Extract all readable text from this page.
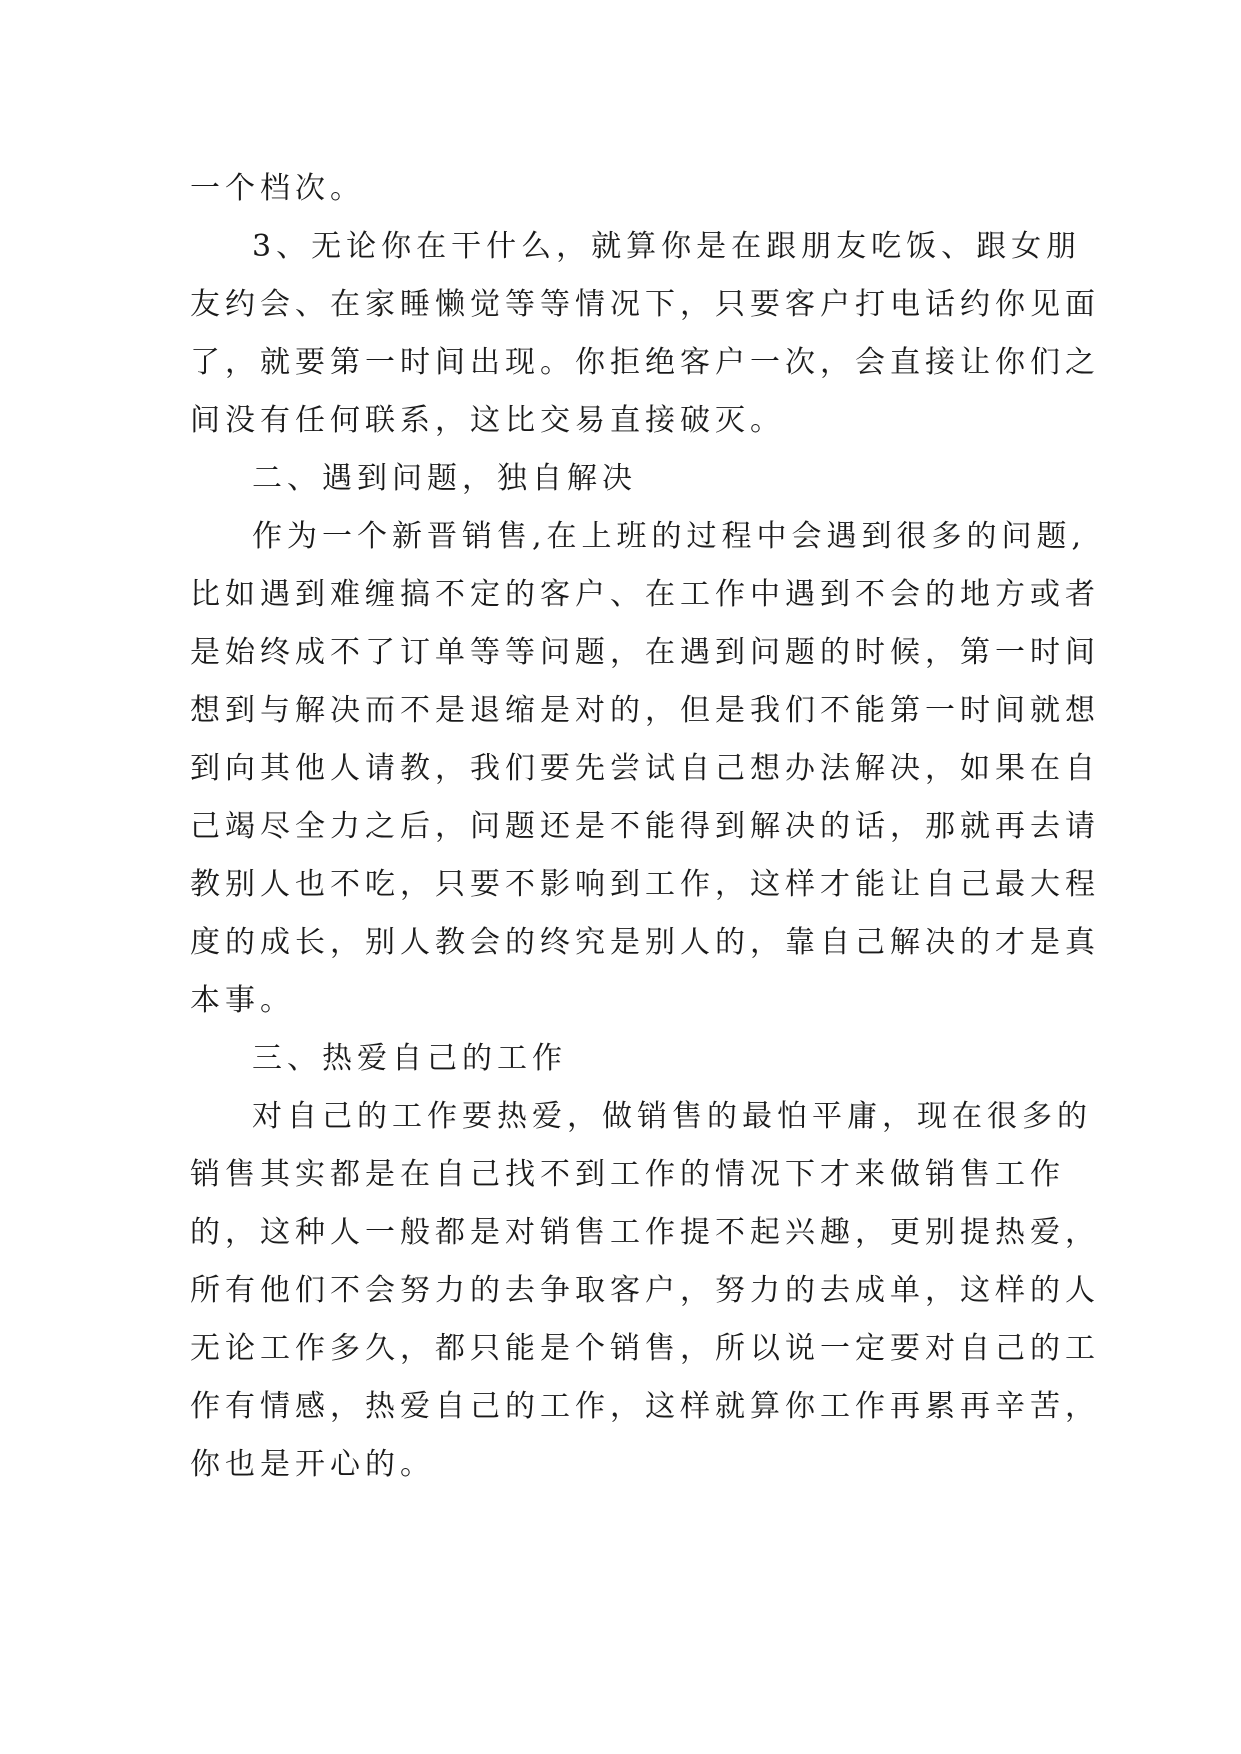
一个档次。
3、无论你在干什么，就算你是在跟朋友吃饭、跟女朋
友约会、在家睡懒觉等等情况下，只要客户打电话约你见面
了，就要第一时间出现。你拒绝客户一次，会直接让你们之
间没有任何联系，这比交易直接破灭。
二、遇到问题，独自解决
作为一个新晋销售,在上班的过程中会遇到很多的问题,
比如遇到难缠搞不定的客户、在工作中遇到不会的地方或者
是始终成不了订单等等问题，在遇到问题的时候，第一时间
想到与解决而不是退缩是对的，但是我们不能第一时间就想
到向其他人请教，我们要先尝试自己想办法解决，如果在自
己竭尽全力之后，问题还是不能得到解决的话，那就再去请
教别人也不吃，只要不影响到工作，这样才能让自己最大程
度的成长，别人教会的终究是别人的，靠自己解决的才是真
本事。
三、热爱自己的工作
对自己的工作要热爱，做销售的最怕平庸，现在很多的
销售其实都是在自己找不到工作的情况下才来做销售工作
的，这种人一般都是对销售工作提不起兴趣，更别提热爱，
所有他们不会努力的去争取客户，努力的去成单，这样的人
无论工作多久，都只能是个销售，所以说一定要对自己的工
作有情感，热爱自己的工作，这样就算你工作再累再辛苦，
你也是开心的。
